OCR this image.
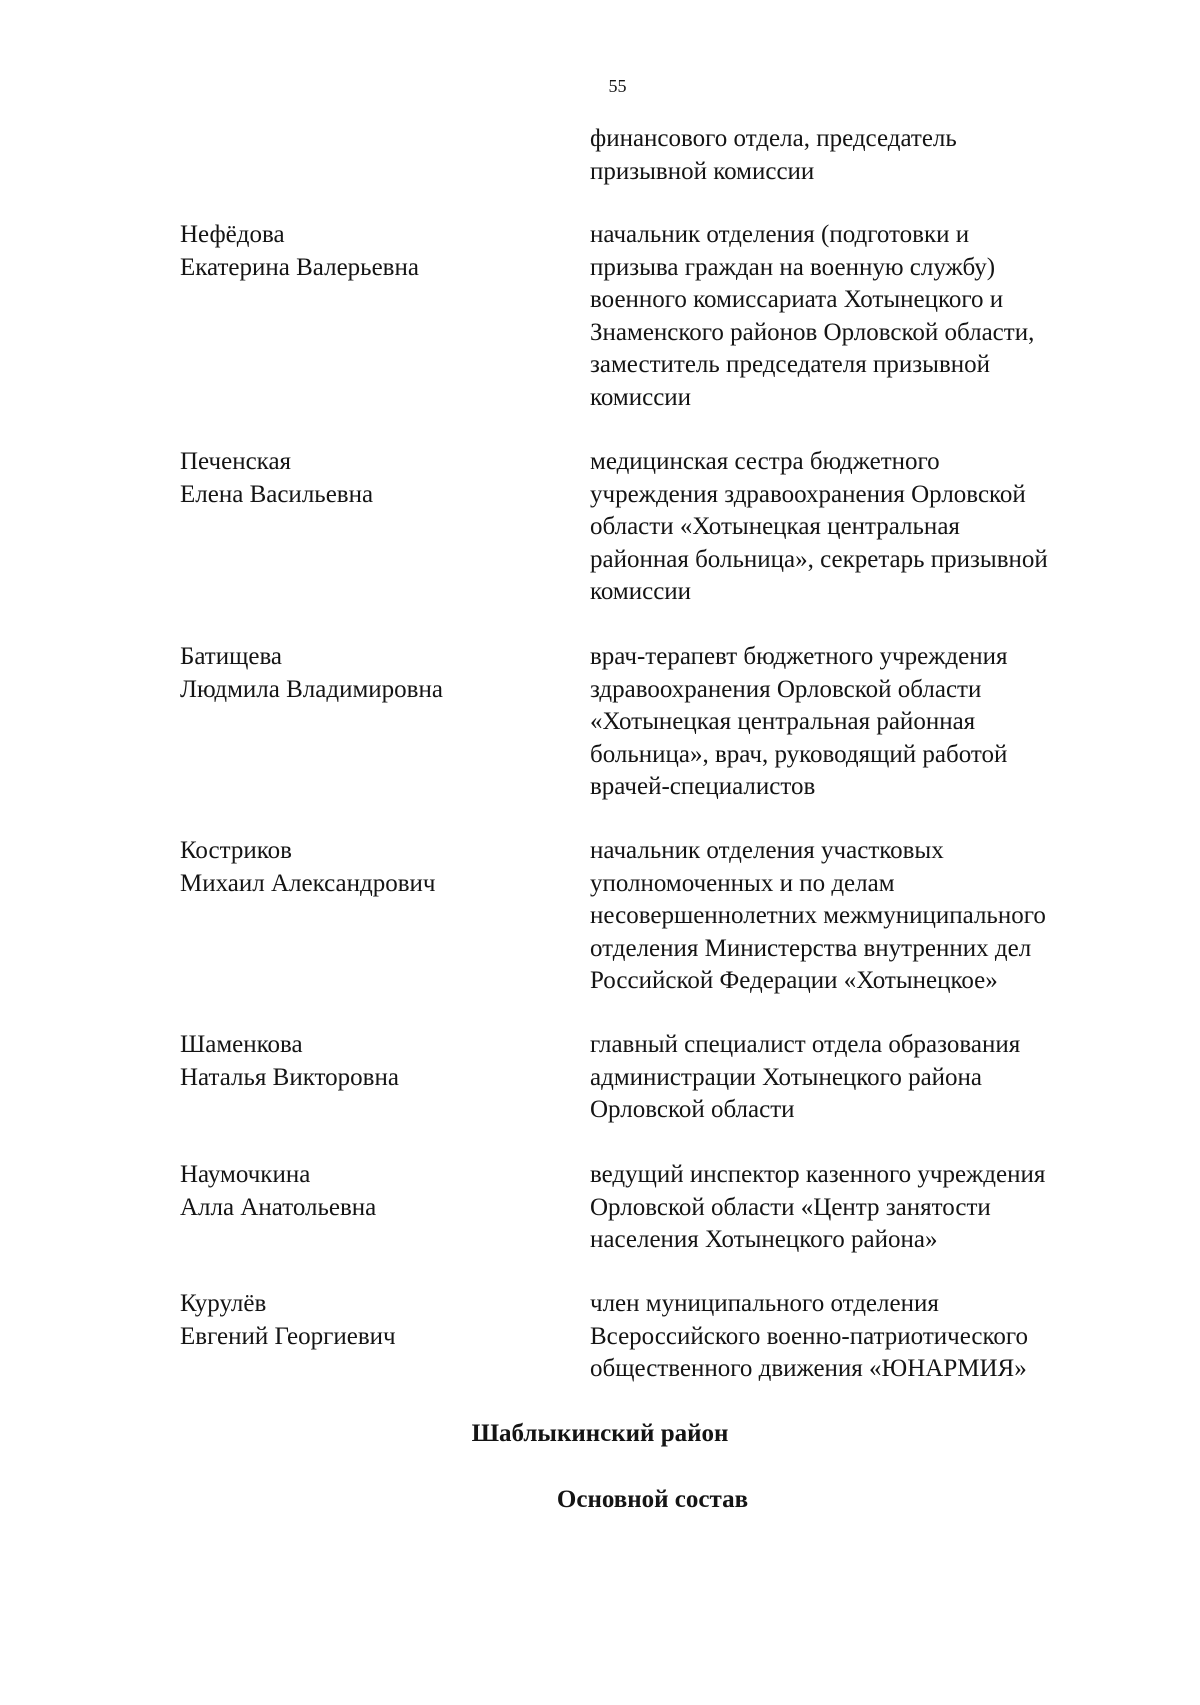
55
финансового отдела, председатель
призывной комиссии
Нефёдова
Екатерина Валерьевна
начальник отделения (подготовки и
призыва граждан на военную службу)
военного комиссариата Хотынецкого и
Знаменского районов Орловской области,
заместитель председателя призывной
комиссии
Печенская
Елена Васильевна
медицинская сестра бюджетного
учреждения здравоохранения Орловской
области «Хотынецкая центральная
районная больница», секретарь призывной
комиссии
Батищева
Людмила Владимировна
врач-терапевт бюджетного учреждения
здравоохранения Орловской области
«Хотынецкая центральная районная
больница», врач, руководящий работой
врачей-специалистов
Костриков
Михаил Александрович
начальник отделения участковых
уполномоченных и по делам
несовершеннолетних межмуниципального
отделения Министерства внутренних дел
Российской Федерации «Хотынецкое»
Шаменкова
Наталья Викторовна
главный специалист отдела образования
администрации Хотынецкого района
Орловской области
Наумочкина
Алла Анатольевна
ведущий инспектор казенного учреждения
Орловской области «Центр занятости
населения Хотынецкого района»
Курулёв
Евгений Георгиевич
член муниципального отделения
Всероссийского военно-патриотического
общественного движения «ЮНАРМИЯ»
Шаблыкинский район
Основной состав
